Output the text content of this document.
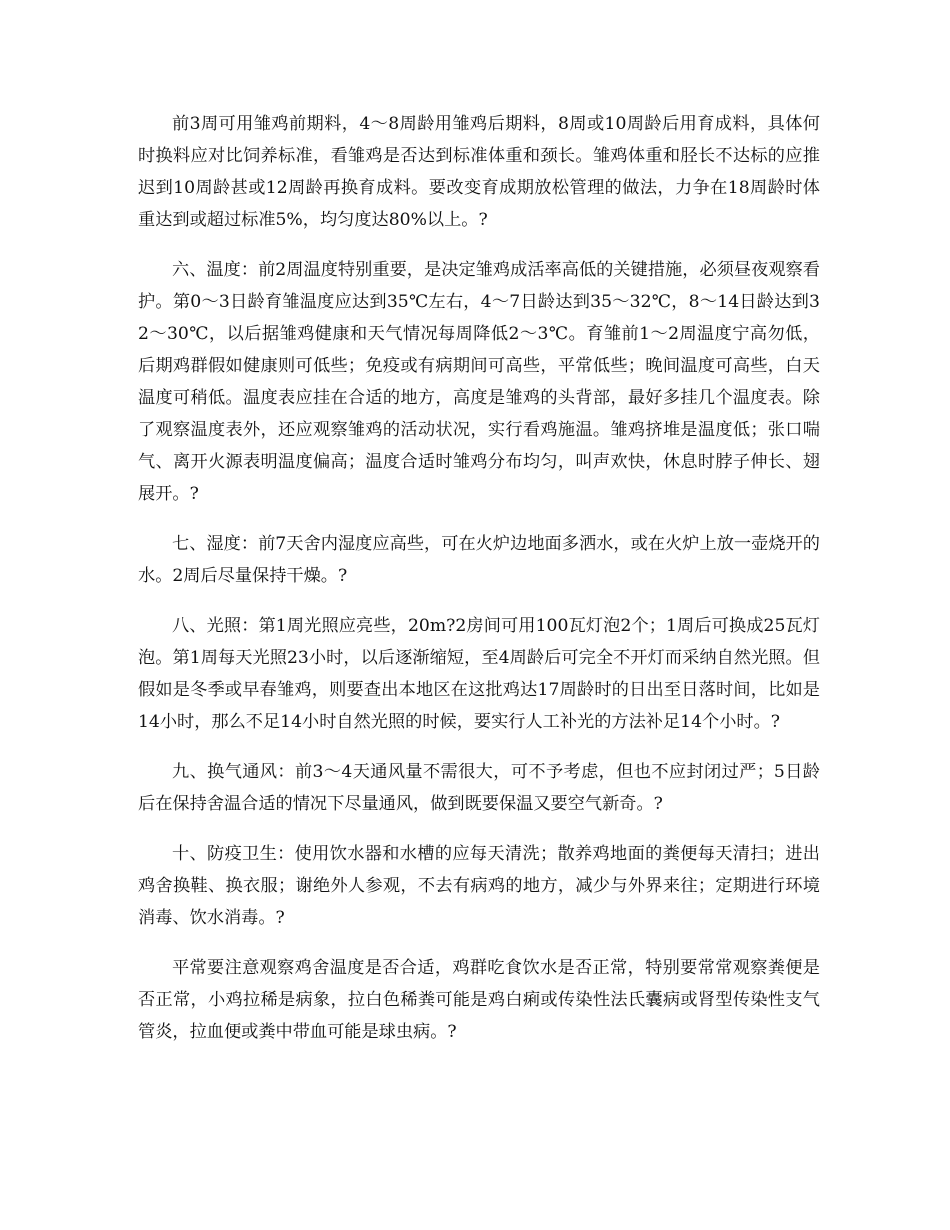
前3周可用雏鸡前期料，4～8周龄用雏鸡后期料，8周或10周龄后用育成料，具体何时换料应对比饲养标准，看雏鸡是否达到标准体重和颈长。雏鸡体重和胫长不达标的应推迟到10周龄甚或12周龄再换育成料。要改变育成期放松管理的做法，力争在18周龄时体重达到或超过标准5%，均匀度达80%以上。?

六、温度：前2周温度特别重要，是决定雏鸡成活率高低的关键措施，必须昼夜观察看护。第0～3日龄育雏温度应达到35℃左右，4～7日龄达到35～32℃，8～14日龄达到32～30℃，以后据雏鸡健康和天气情况每周降低2～3℃。育雏前1～2周温度宁高勿低，后期鸡群假如健康则可低些；免疫或有病期间可高些，平常低些；晚间温度可高些，白天温度可稍低。温度表应挂在合适的地方，高度是雏鸡的头背部，最好多挂几个温度表。除了观察温度表外，还应观察雏鸡的活动状况，实行看鸡施温。雏鸡挤堆是温度低；张口喘气、离开火源表明温度偏高；温度合适时雏鸡分布均匀，叫声欢快，休息时脖子伸长、翅展开。?

七、湿度：前7天舍内湿度应高些，可在火炉边地面多洒水，或在火炉上放一壶烧开的水。2周后尽量保持干燥。?

八、光照：第1周光照应亮些，20m?2房间可用100瓦灯泡2个；1周后可换成25瓦灯泡。第1周每天光照23小时，以后逐渐缩短，至4周龄后可完全不开灯而采纳自然光照。但假如是冬季或早春雏鸡，则要查出本地区在这批鸡达17周龄时的日出至日落时间，比如是14小时，那么不足14小时自然光照的时候，要实行人工补光的方法补足14个小时。?

九、换气通风：前3～4天通风量不需很大，可不予考虑，但也不应封闭过严；5日龄后在保持舍温合适的情况下尽量通风，做到既要保温又要空气新奇。?

十、防疫卫生：使用饮水器和水槽的应每天清洗；散养鸡地面的粪便每天清扫；进出鸡舍换鞋、换衣服；谢绝外人参观，不去有病鸡的地方，减少与外界来往；定期进行环境消毒、饮水消毒。?

平常要注意观察鸡舍温度是否合适，鸡群吃食饮水是否正常，特别要常常观察粪便是否正常，小鸡拉稀是病象，拉白色稀粪可能是鸡白痢或传染性法氏囊病或肾型传染性支气管炎，拉血便或粪中带血可能是球虫病。?
